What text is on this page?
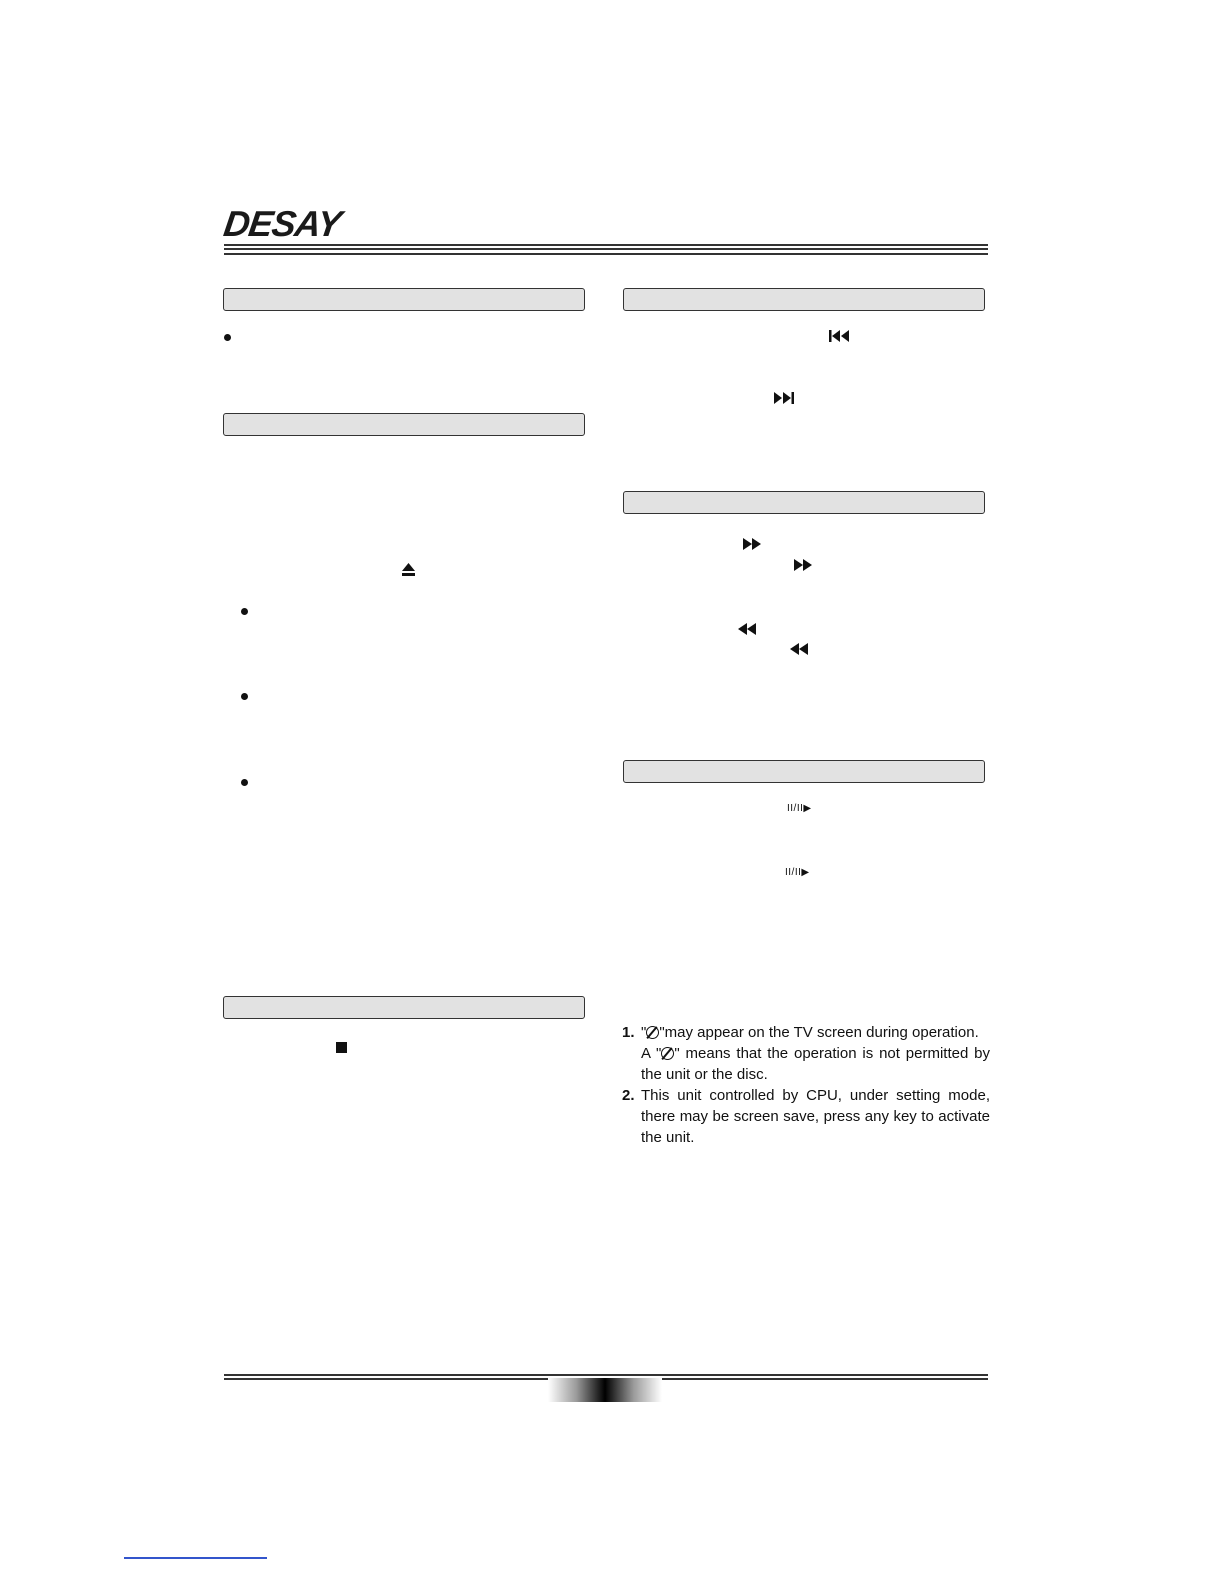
DESAY
II/II▶
II/II▶
1. " "may appear on the TV screen during operation.
A " " means that the operation is not permitted by the unit or the disc.
2. This unit controlled by CPU, under setting mode, there may be screen save, press any key to activate the unit.
